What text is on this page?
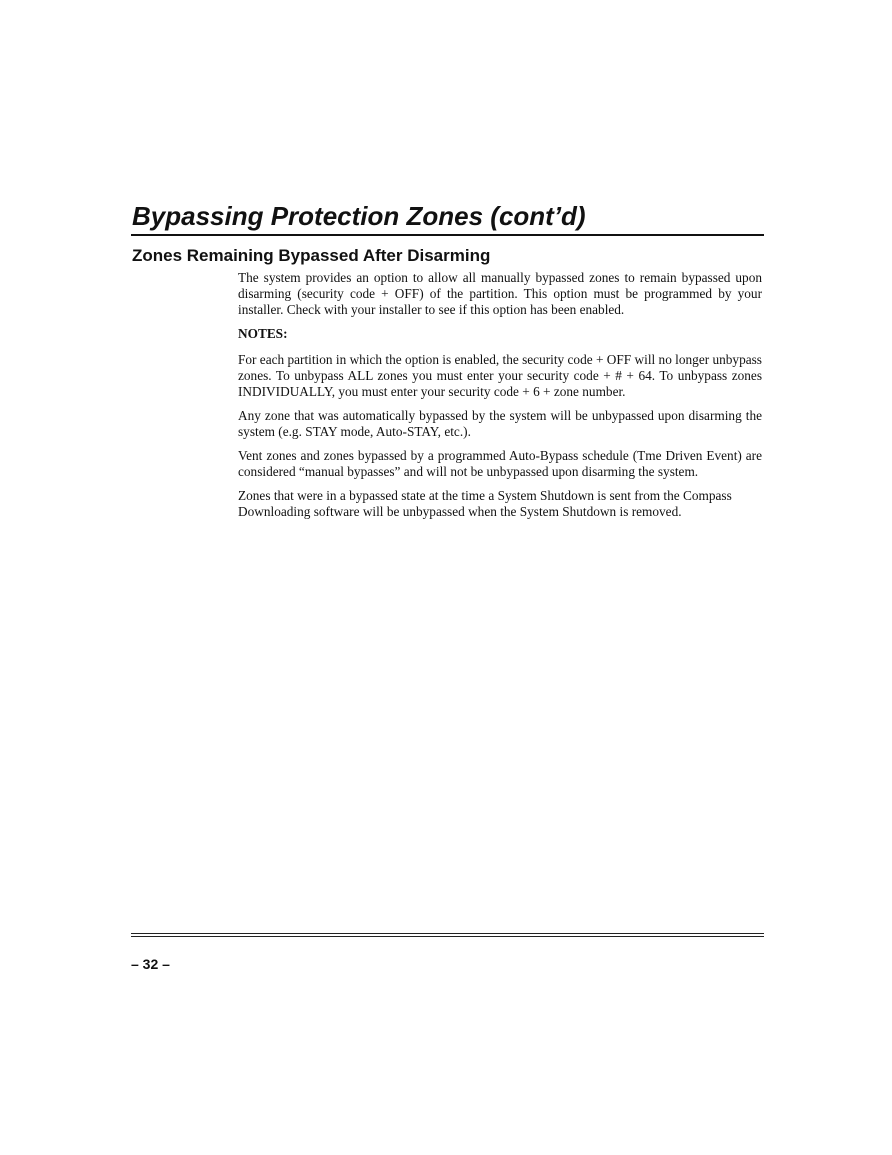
Bypassing Protection Zones (cont’d)
Zones Remaining Bypassed After Disarming

The system provides an option to allow all manually bypassed zones to remain bypassed upon disarming (security code + OFF) of the partition. This option must be programmed by your installer. Check with your installer to see if this option has been enabled.

NOTES:

For each partition in which the option is enabled, the security code + OFF will no longer unbypass zones. To unbypass ALL zones you must enter your security code + # + 64. To unbypass zones INDIVIDUALLY, you must enter your security code + 6 + zone number.

Any zone that was automatically bypassed by the system will be unbypassed upon disarming the system (e.g. STAY mode, Auto-STAY, etc.).

Vent zones and zones bypassed by a programmed Auto-Bypass schedule (Tme Driven Event) are considered “manual bypasses” and will not be unbypassed upon disarming the system.

Zones that were in a bypassed state at the time a System Shutdown is sent from the Compass Downloading software will be unbypassed when the System Shutdown is removed.

– 32 –
